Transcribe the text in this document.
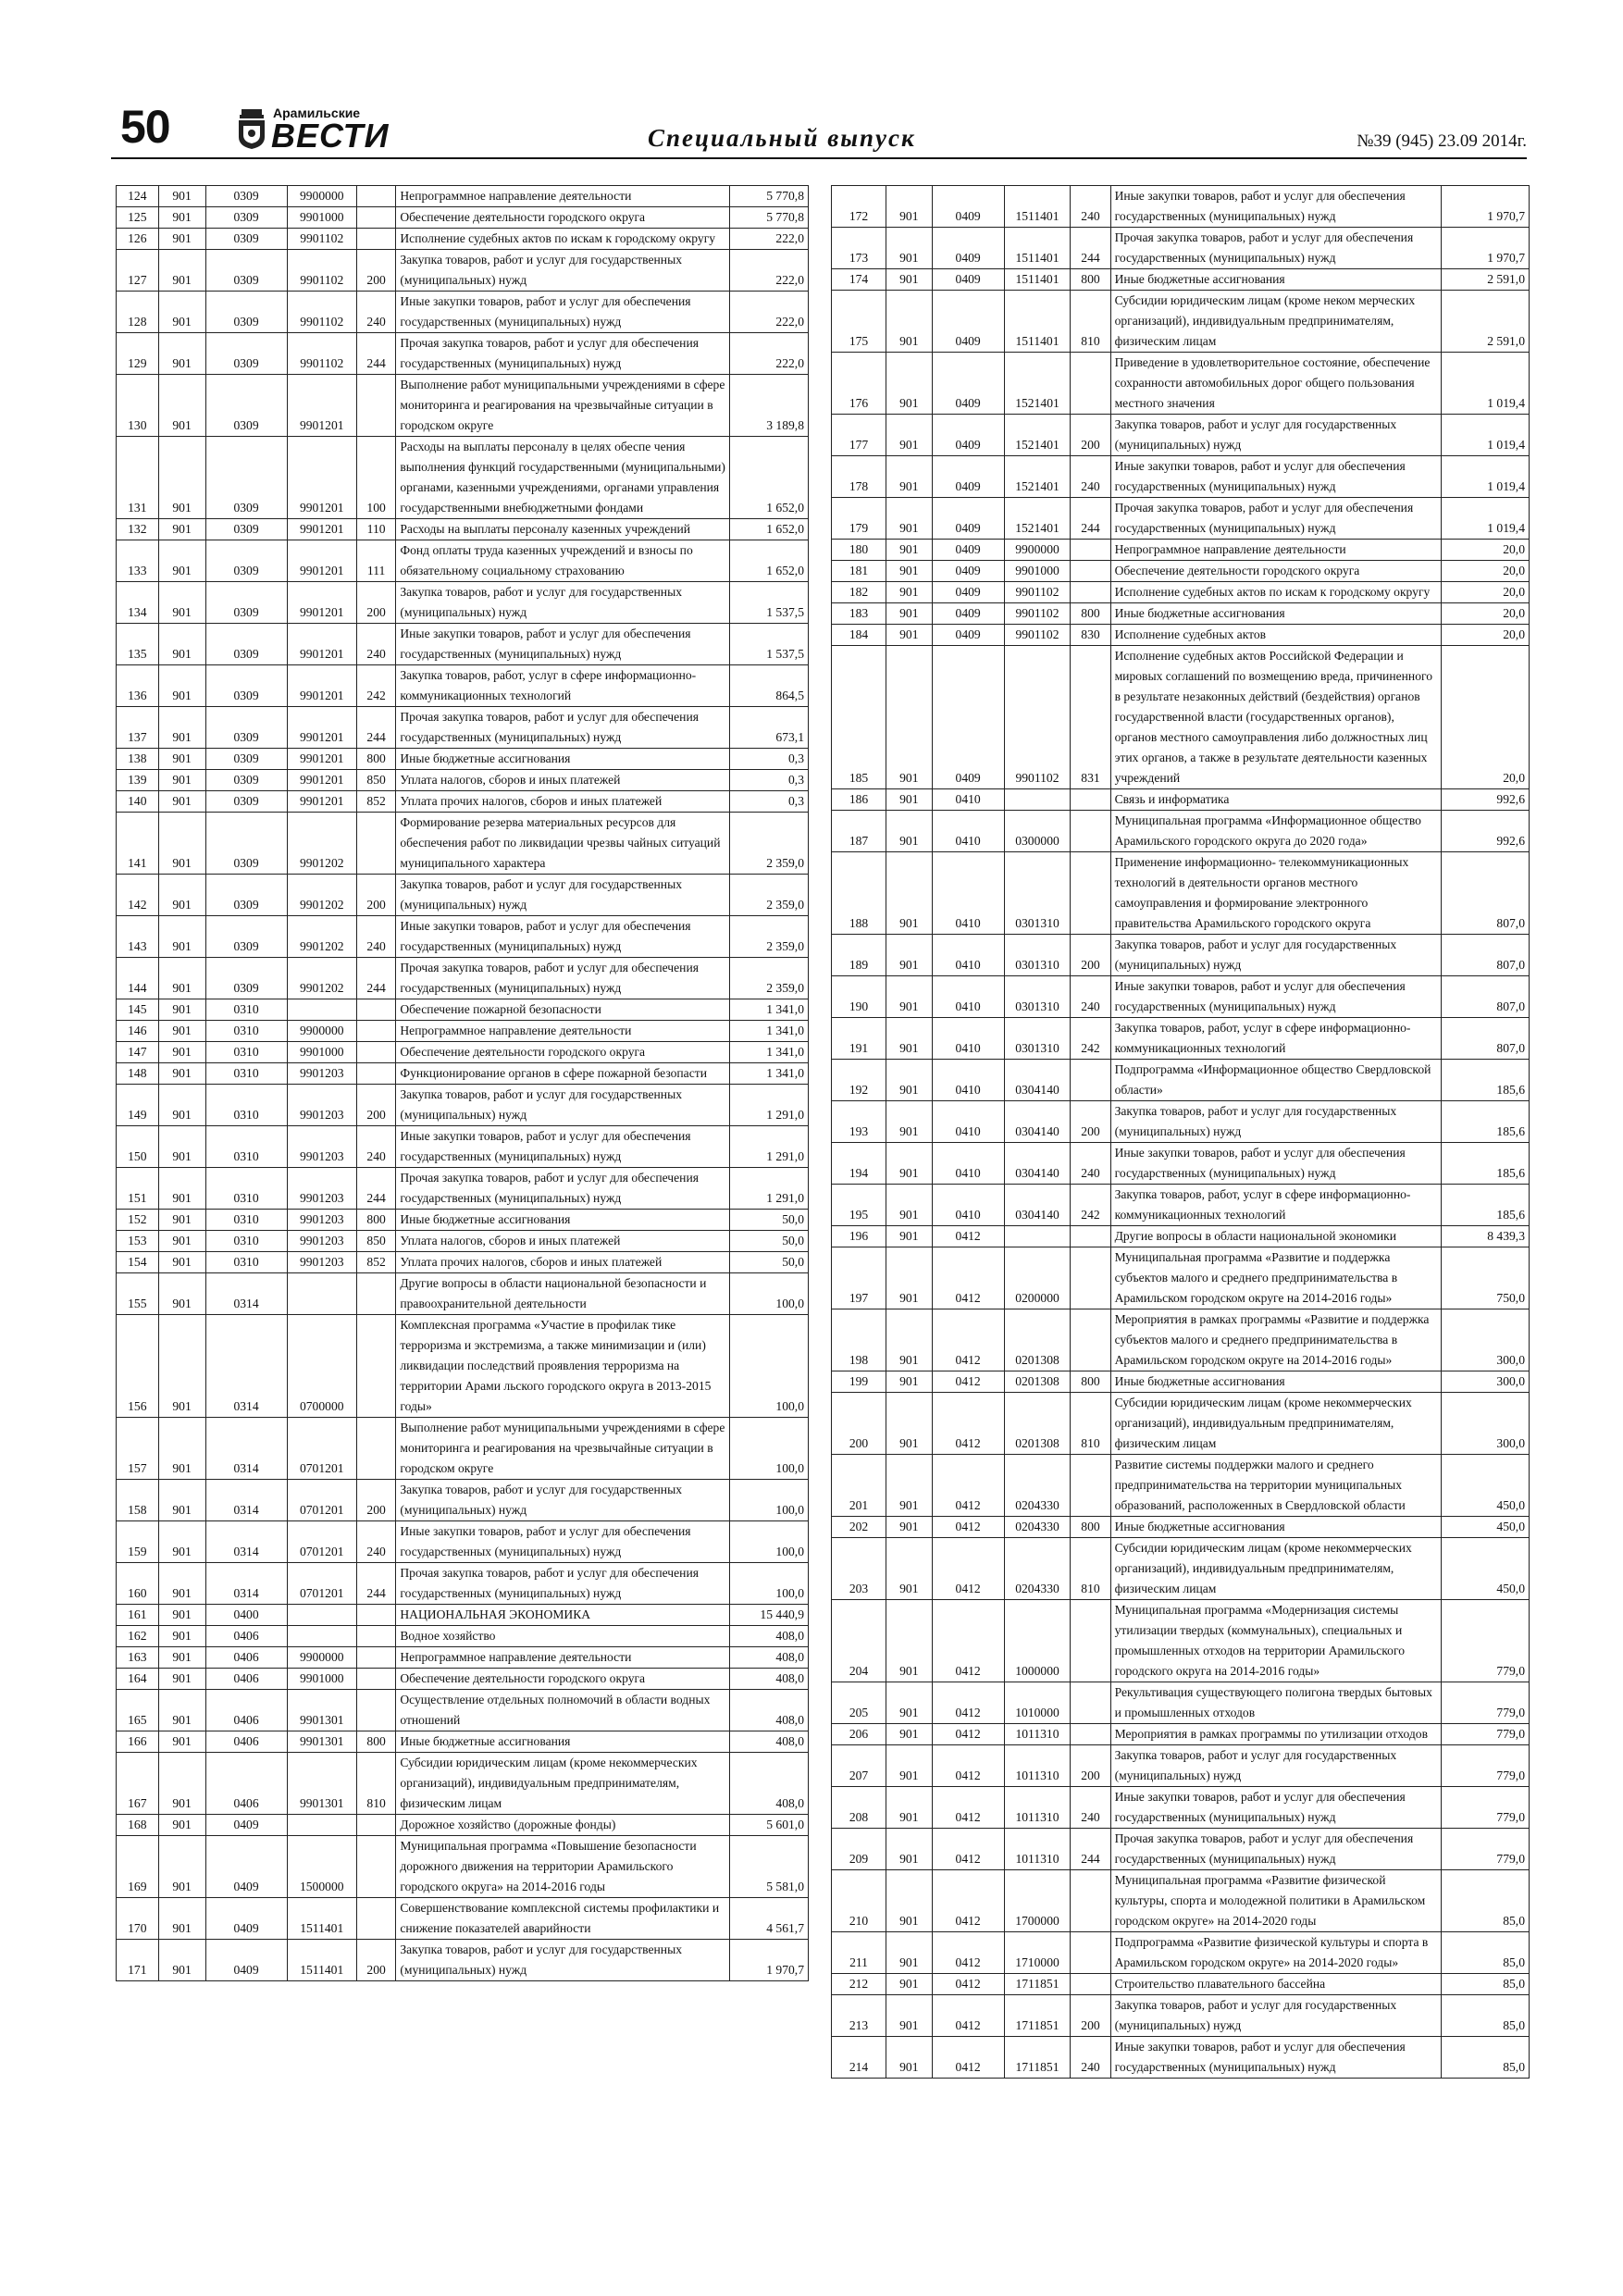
50	Арамильские
ВЕСТИ	Специальный выпуск	№39 (945) 23.09 2014г.
124	901	0309	9900000		Непрограммное направление деятельности	5 770,8
125	901	0309	9901000		Обеспечение деятельности городского округа	5 770,8
126	901	0309	9901102		Исполнение судебных актов по искам к городскому округу	222,0
127	901	0309	9901102	200	Закупка товаров, работ и услуг для государственных (муниципальных) нужд	222,0
128	901	0309	9901102	240	Иные закупки товаров, работ и услуг для обеспечения государственных (муниципальных) нужд	222,0
129	901	0309	9901102	244	Прочая закупка товаров, работ и услуг для обеспечения государственных (муниципальных) нужд	222,0
130	901	0309	9901201		Выполнение работ муниципальными учреждениями в сфере мониторинга и реагирования на чрезвычайные ситуации в городском округе	3 189,8
131	901	0309	9901201	100	Расходы на выплаты персоналу в целях обеспе чения выполнения функций государственными (муниципальными) органами, казенными учреждениями, органами управления государственными внебюджетными фондами	1 652,0
132	901	0309	9901201	110	Расходы на выплаты персоналу казенных учреждений	1 652,0
133	901	0309	9901201	111	Фонд оплаты труда казенных учреждений и взносы по обязательному социальному страхованию	1 652,0
134	901	0309	9901201	200	Закупка товаров, работ и услуг для государственных (муниципальных) нужд	1 537,5
135	901	0309	9901201	240	Иные закупки товаров, работ и услуг для обеспечения государственных (муниципальных) нужд	1 537,5
136	901	0309	9901201	242	Закупка товаров, работ, услуг в сфере информационно-коммуникационных технологий	864,5
137	901	0309	9901201	244	Прочая закупка товаров, работ и услуг для обеспечения государственных (муниципальных) нужд	673,1
138	901	0309	9901201	800	Иные бюджетные ассигнования	0,3
139	901	0309	9901201	850	Уплата налогов, сборов и иных платежей	0,3
140	901	0309	9901201	852	Уплата прочих налогов, сборов и иных платежей	0,3
141	901	0309	9901202		Формирование резерва материальных ресурсов для обеспечения работ по ликвидации чрезвы чайных ситуаций муниципального характера	2 359,0
142	901	0309	9901202	200	Закупка товаров, работ и услуг для государственных (муниципальных) нужд	2 359,0
143	901	0309	9901202	240	Иные закупки товаров, работ и услуг для обеспечения государственных (муниципальных) нужд	2 359,0
144	901	0309	9901202	244	Прочая закупка товаров, работ и услуг для обеспечения государственных (муниципальных) нужд	2 359,0
145	901	0310			Обеспечение пожарной безопасности	1 341,0
146	901	0310	9900000		Непрограммное направление деятельности	1 341,0
147	901	0310	9901000		Обеспечение деятельности городского округа	1 341,0
148	901	0310	9901203		Функционирование органов в сфере пожарной безопасти	1 341,0
149	901	0310	9901203	200	Закупка товаров, работ и услуг для государственных (муниципальных) нужд	1 291,0
150	901	0310	9901203	240	Иные закупки товаров, работ и услуг для обеспечения государственных (муниципальных) нужд	1 291,0
151	901	0310	9901203	244	Прочая закупка товаров, работ и услуг для обеспечения государственных (муниципальных) нужд	1 291,0
152	901	0310	9901203	800	Иные бюджетные ассигнования	50,0
153	901	0310	9901203	850	Уплата налогов, сборов и иных платежей	50,0
154	901	0310	9901203	852	Уплата прочих налогов, сборов и иных платежей	50,0
155	901	0314			Другие вопросы в области национальной безопасности и правоохранительной деятельности	100,0
156	901	0314	0700000		Комплексная программа «Участие в профилак тике терроризма и экстремизма, а также минимизации и (или) ликвидации последствий проявления терроризма на территории Арами льского городского округа в 2013-2015 годы»	100,0
157	901	0314	0701201		Выполнение работ муниципальными учреждениями в сфере мониторинга и реагирования на чрезвычайные ситуации в городском округе	100,0
158	901	0314	0701201	200	Закупка товаров, работ и услуг для государственных (муниципальных) нужд	100,0
159	901	0314	0701201	240	Иные закупки товаров, работ и услуг для обеспечения государственных (муниципальных) нужд	100,0
160	901	0314	0701201	244	Прочая закупка товаров, работ и услуг для обеспечения государственных (муниципальных) нужд	100,0
161	901	0400			НАЦИОНАЛЬНАЯ ЭКОНОМИКА	15 440,9
162	901	0406			Водное хозяйство	408,0
163	901	0406	9900000		Непрограммное направление деятельности	408,0
164	901	0406	9901000		Обеспечение деятельности городского округа	408,0
165	901	0406	9901301		Осуществление отдельных полномочий в области водных отношений	408,0
166	901	0406	9901301	800	Иные бюджетные ассигнования	408,0
167	901	0406	9901301	810	Субсидии юридическим лицам (кроме некоммерческих организаций), индивидуальным предпринимателям, физическим лицам	408,0
168	901	0409			Дорожное хозяйство (дорожные фонды)	5 601,0
169	901	0409	1500000		Муниципальная программа «Повышение безопасности дорожного движения на территории Арамильского городского округа» на 2014-2016 годы	5 581,0
170	901	0409	1511401		Совершенствование комплексной системы профилактики и снижение показателей аварийности	4 561,7
171	901	0409	1511401	200	Закупка товаров, работ и услуг для государственных (муниципальных) нужд	1 970,7
172	901	0409	1511401	240	Иные закупки товаров, работ и услуг для обеспечения государственных (муниципальных) нужд	1 970,7
173	901	0409	1511401	244	Прочая закупка товаров, работ и услуг для обеспечения государственных (муниципальных) нужд	1 970,7
174	901	0409	1511401	800	Иные бюджетные ассигнования	2 591,0
175	901	0409	1511401	810	Субсидии юридическим лицам (кроме неком мерческих организаций), индивидуальным предпринимателям, физическим лицам	2 591,0
176	901	0409	1521401		Приведение в удовлетворительное состояние, обеспечение сохранности автомобильных дорог общего пользования местного значения	1 019,4
177	901	0409	1521401	200	Закупка товаров, работ и услуг для государственных (муниципальных) нужд	1 019,4
178	901	0409	1521401	240	Иные закупки товаров, работ и услуг для обеспечения государственных (муниципальных) нужд	1 019,4
179	901	0409	1521401	244	Прочая закупка товаров, работ и услуг для обеспечения государственных (муниципальных) нужд	1 019,4
180	901	0409	9900000		Непрограммное направление деятельности	20,0
181	901	0409	9901000		Обеспечение деятельности городского округа	20,0
182	901	0409	9901102		Исполнение судебных актов по искам к городскому округу	20,0
183	901	0409	9901102	800	Иные бюджетные ассигнования	20,0
184	901	0409	9901102	830	Исполнение судебных актов	20,0
185	901	0409	9901102	831	Исполнение судебных актов Российской Федерации и мировых соглашений по возмещению вреда, причиненного в результате незаконных действий (бездействия) органов государственной власти (государственных органов), органов местного самоуправления либо должностных лиц этих органов, а также в результате деятельности казенных учреждений	20,0
186	901	0410			Связь и информатика	992,6
187	901	0410	0300000		Муниципальная программа «Информационное общество Арамильского городского округа до 2020 года»	992,6
188	901	0410	0301310		Применение информационно- телекоммуникационных технологий в деятельности органов местного самоуправления и формирование электронного правительства Арамильского городского округа	807,0
189	901	0410	0301310	200	Закупка товаров, работ и услуг для государственных (муниципальных) нужд	807,0
190	901	0410	0301310	240	Иные закупки товаров, работ и услуг для обеспечения государственных (муниципальных) нужд	807,0
191	901	0410	0301310	242	Закупка товаров, работ, услуг в сфере информационно-коммуникационных технологий	807,0
192	901	0410	0304140		Подпрограмма «Информационное общество Свердловской области»	185,6
193	901	0410	0304140	200	Закупка товаров, работ и услуг для государственных (муниципальных) нужд	185,6
194	901	0410	0304140	240	Иные закупки товаров, работ и услуг для обеспечения государственных (муниципальных) нужд	185,6
195	901	0410	0304140	242	Закупка товаров, работ, услуг в сфере информационно-коммуникационных технологий	185,6
196	901	0412			Другие вопросы в области национальной экономики	8 439,3
197	901	0412	0200000		Муниципальная программа «Развитие и поддержка субъектов малого и среднего предпринимательства в Арамильском городском округе на 2014-2016 годы»	750,0
198	901	0412	0201308		Мероприятия в рамках программы «Развитие и поддержка субъектов малого и среднего предпринимательства в Арамильском городском округе на 2014-2016 годы»	300,0
199	901	0412	0201308	800	Иные бюджетные ассигнования	300,0
200	901	0412	0201308	810	Субсидии юридическим лицам (кроме некоммерческих организаций), индивидуальным предпринимателям, физическим лицам	300,0
201	901	0412	0204330		Развитие системы поддержки малого и среднего предпринимательства на территории муниципальных образований, расположенных в Свердловской области	450,0
202	901	0412	0204330	800	Иные бюджетные ассигнования	450,0
203	901	0412	0204330	810	Субсидии юридическим лицам (кроме некоммерческих организаций), индивидуальным предпринимателям, физическим лицам	450,0
204	901	0412	1000000		Муниципальная программа «Модернизация системы утилизации твердых (коммунальных), специальных и промышленных отходов на территории Арамильского городского округа на 2014-2016 годы»	779,0
205	901	0412	1010000		Рекультивация существующего полигона твердых бытовых и промышленных отходов	779,0
206	901	0412	1011310		Мероприятия в рамках программы по утилизации отходов	779,0
207	901	0412	1011310	200	Закупка товаров, работ и услуг для государственных (муниципальных) нужд	779,0
208	901	0412	1011310	240	Иные закупки товаров, работ и услуг для обеспечения государственных (муниципальных) нужд	779,0
209	901	0412	1011310	244	Прочая закупка товаров, работ и услуг для обеспечения государственных (муниципальных) нужд	779,0
210	901	0412	1700000		Муниципальная программа «Развитие физической культуры, спорта и молодежной политики в Арамильском городском округе» на 2014-2020 годы	85,0
211	901	0412	1710000		Подпрограмма «Развитие физической культуры и спорта в Арамильском городском округе» на 2014-2020 годы»	85,0
212	901	0412	1711851		Строительство плавательного бассейна	85,0
213	901	0412	1711851	200	Закупка товаров, работ и услуг для государственных (муниципальных) нужд	85,0
214	901	0412	1711851	240	Иные закупки товаров, работ и услуг для обеспечения государственных (муниципальных) нужд	85,0
